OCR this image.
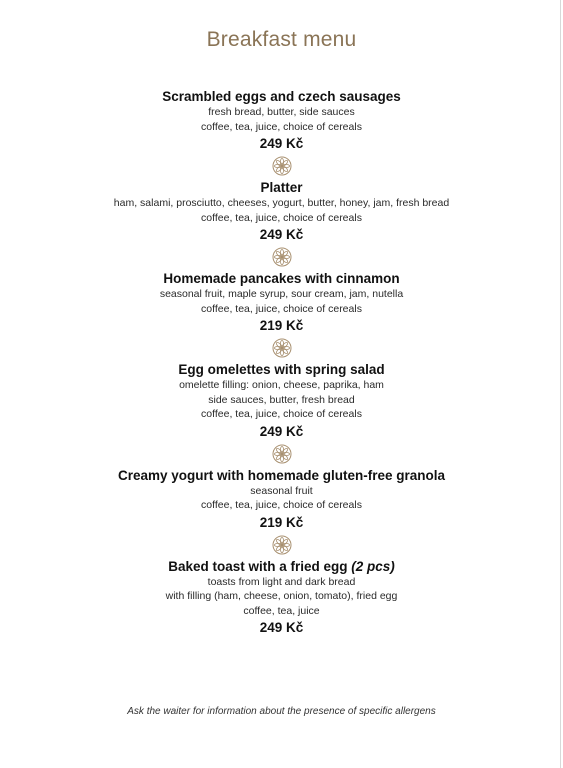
Breakfast menu
Scrambled eggs and czech sausages
fresh bread, butter, side sauces
coffee, tea, juice, choice of cereals
249 Kč
Platter
ham, salami, prosciutto, cheeses, yogurt, butter, honey, jam, fresh bread
coffee, tea, juice, choice of cereals
249 Kč
Homemade pancakes with cinnamon
seasonal fruit, maple syrup, sour cream, jam, nutella
coffee, tea, juice, choice of cereals
219 Kč
Egg omelettes with spring salad
omelette filling: onion, cheese, paprika, ham
side sauces, butter, fresh bread
coffee, tea, juice, choice of cereals
249 Kč
Creamy yogurt with homemade gluten-free granola
seasonal fruit
coffee, tea, juice, choice of cereals
219 Kč
Baked toast with a fried egg (2 pcs)
toasts from light and dark bread
with filling (ham, cheese, onion, tomato), fried egg
coffee, tea, juice
249 Kč
Ask the waiter for information about the presence of specific allergens
